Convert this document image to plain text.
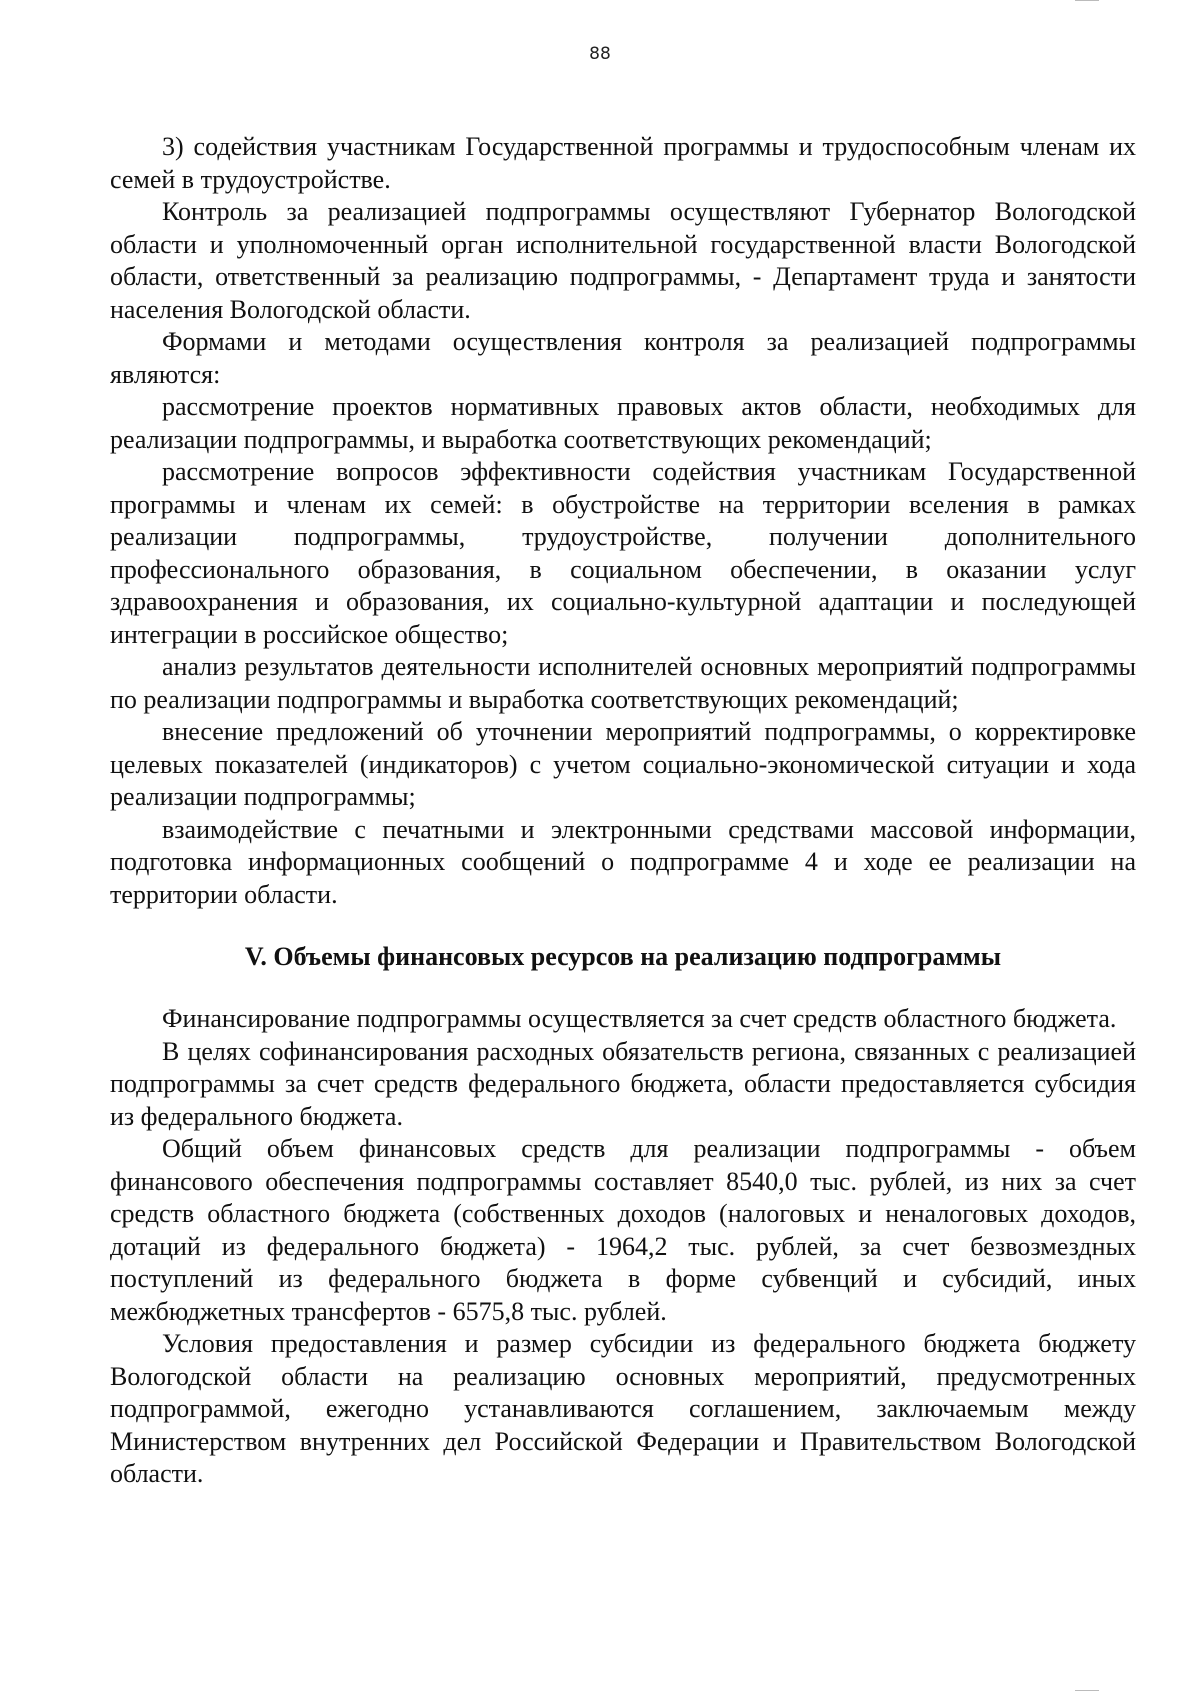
88

3) содействия участникам Государственной программы и трудоспособным членам их семей в трудоустройстве.

Контроль за реализацией подпрограммы осуществляют Губернатор Вологодской области и уполномоченный орган исполнительной государственной власти Вологодской области, ответственный за реализацию подпрограммы, - Департамент труда и занятости населения Вологодской области.

Формами и методами осуществления контроля за реализацией подпрограммы являются:

рассмотрение проектов нормативных правовых актов области, необходимых для реализации подпрограммы, и выработка соответствующих рекомендаций;

рассмотрение вопросов эффективности содействия участникам Государственной программы и членам их семей: в обустройстве на территории вселения в рамках реализации подпрограммы, трудоустройстве, получении дополнительного профессионального образования, в социальном обеспечении, в оказании услуг здравоохранения и образования, их социально-культурной адаптации и последующей интеграции в российское общество;

анализ результатов деятельности исполнителей основных мероприятий подпрограммы по реализации подпрограммы и выработка соответствующих рекомендаций;

внесение предложений об уточнении мероприятий подпрограммы, о корректировке целевых показателей (индикаторов) с учетом социально-экономической ситуации и хода реализации подпрограммы;

взаимодействие с печатными и электронными средствами массовой информации, подготовка информационных сообщений о подпрограмме 4 и ходе ее реализации на территории области.

V. Объемы финансовых ресурсов на реализацию подпрограммы

Финансирование подпрограммы осуществляется за счет средств областного бюджета.

В целях софинансирования расходных обязательств региона, связанных с реализацией подпрограммы за счет средств федерального бюджета, области предоставляется субсидия из федерального бюджета.

Общий объем финансовых средств для реализации подпрограммы - объем финансового обеспечения подпрограммы составляет 8540,0 тыс. рублей, из них за счет средств областного бюджета (собственных доходов (налоговых и неналоговых доходов, дотаций из федерального бюджета) - 1964,2 тыс. рублей, за счет безвозмездных поступлений из федерального бюджета в форме субвенций и субсидий, иных межбюджетных трансфертов - 6575,8 тыс. рублей.

Условия предоставления и размер субсидии из федерального бюджета бюджету Вологодской области на реализацию основных мероприятий, предусмотренных подпрограммой, ежегодно устанавливаются соглашением, заключаемым между Министерством внутренних дел Российской Федерации и Правительством Вологодской области.
